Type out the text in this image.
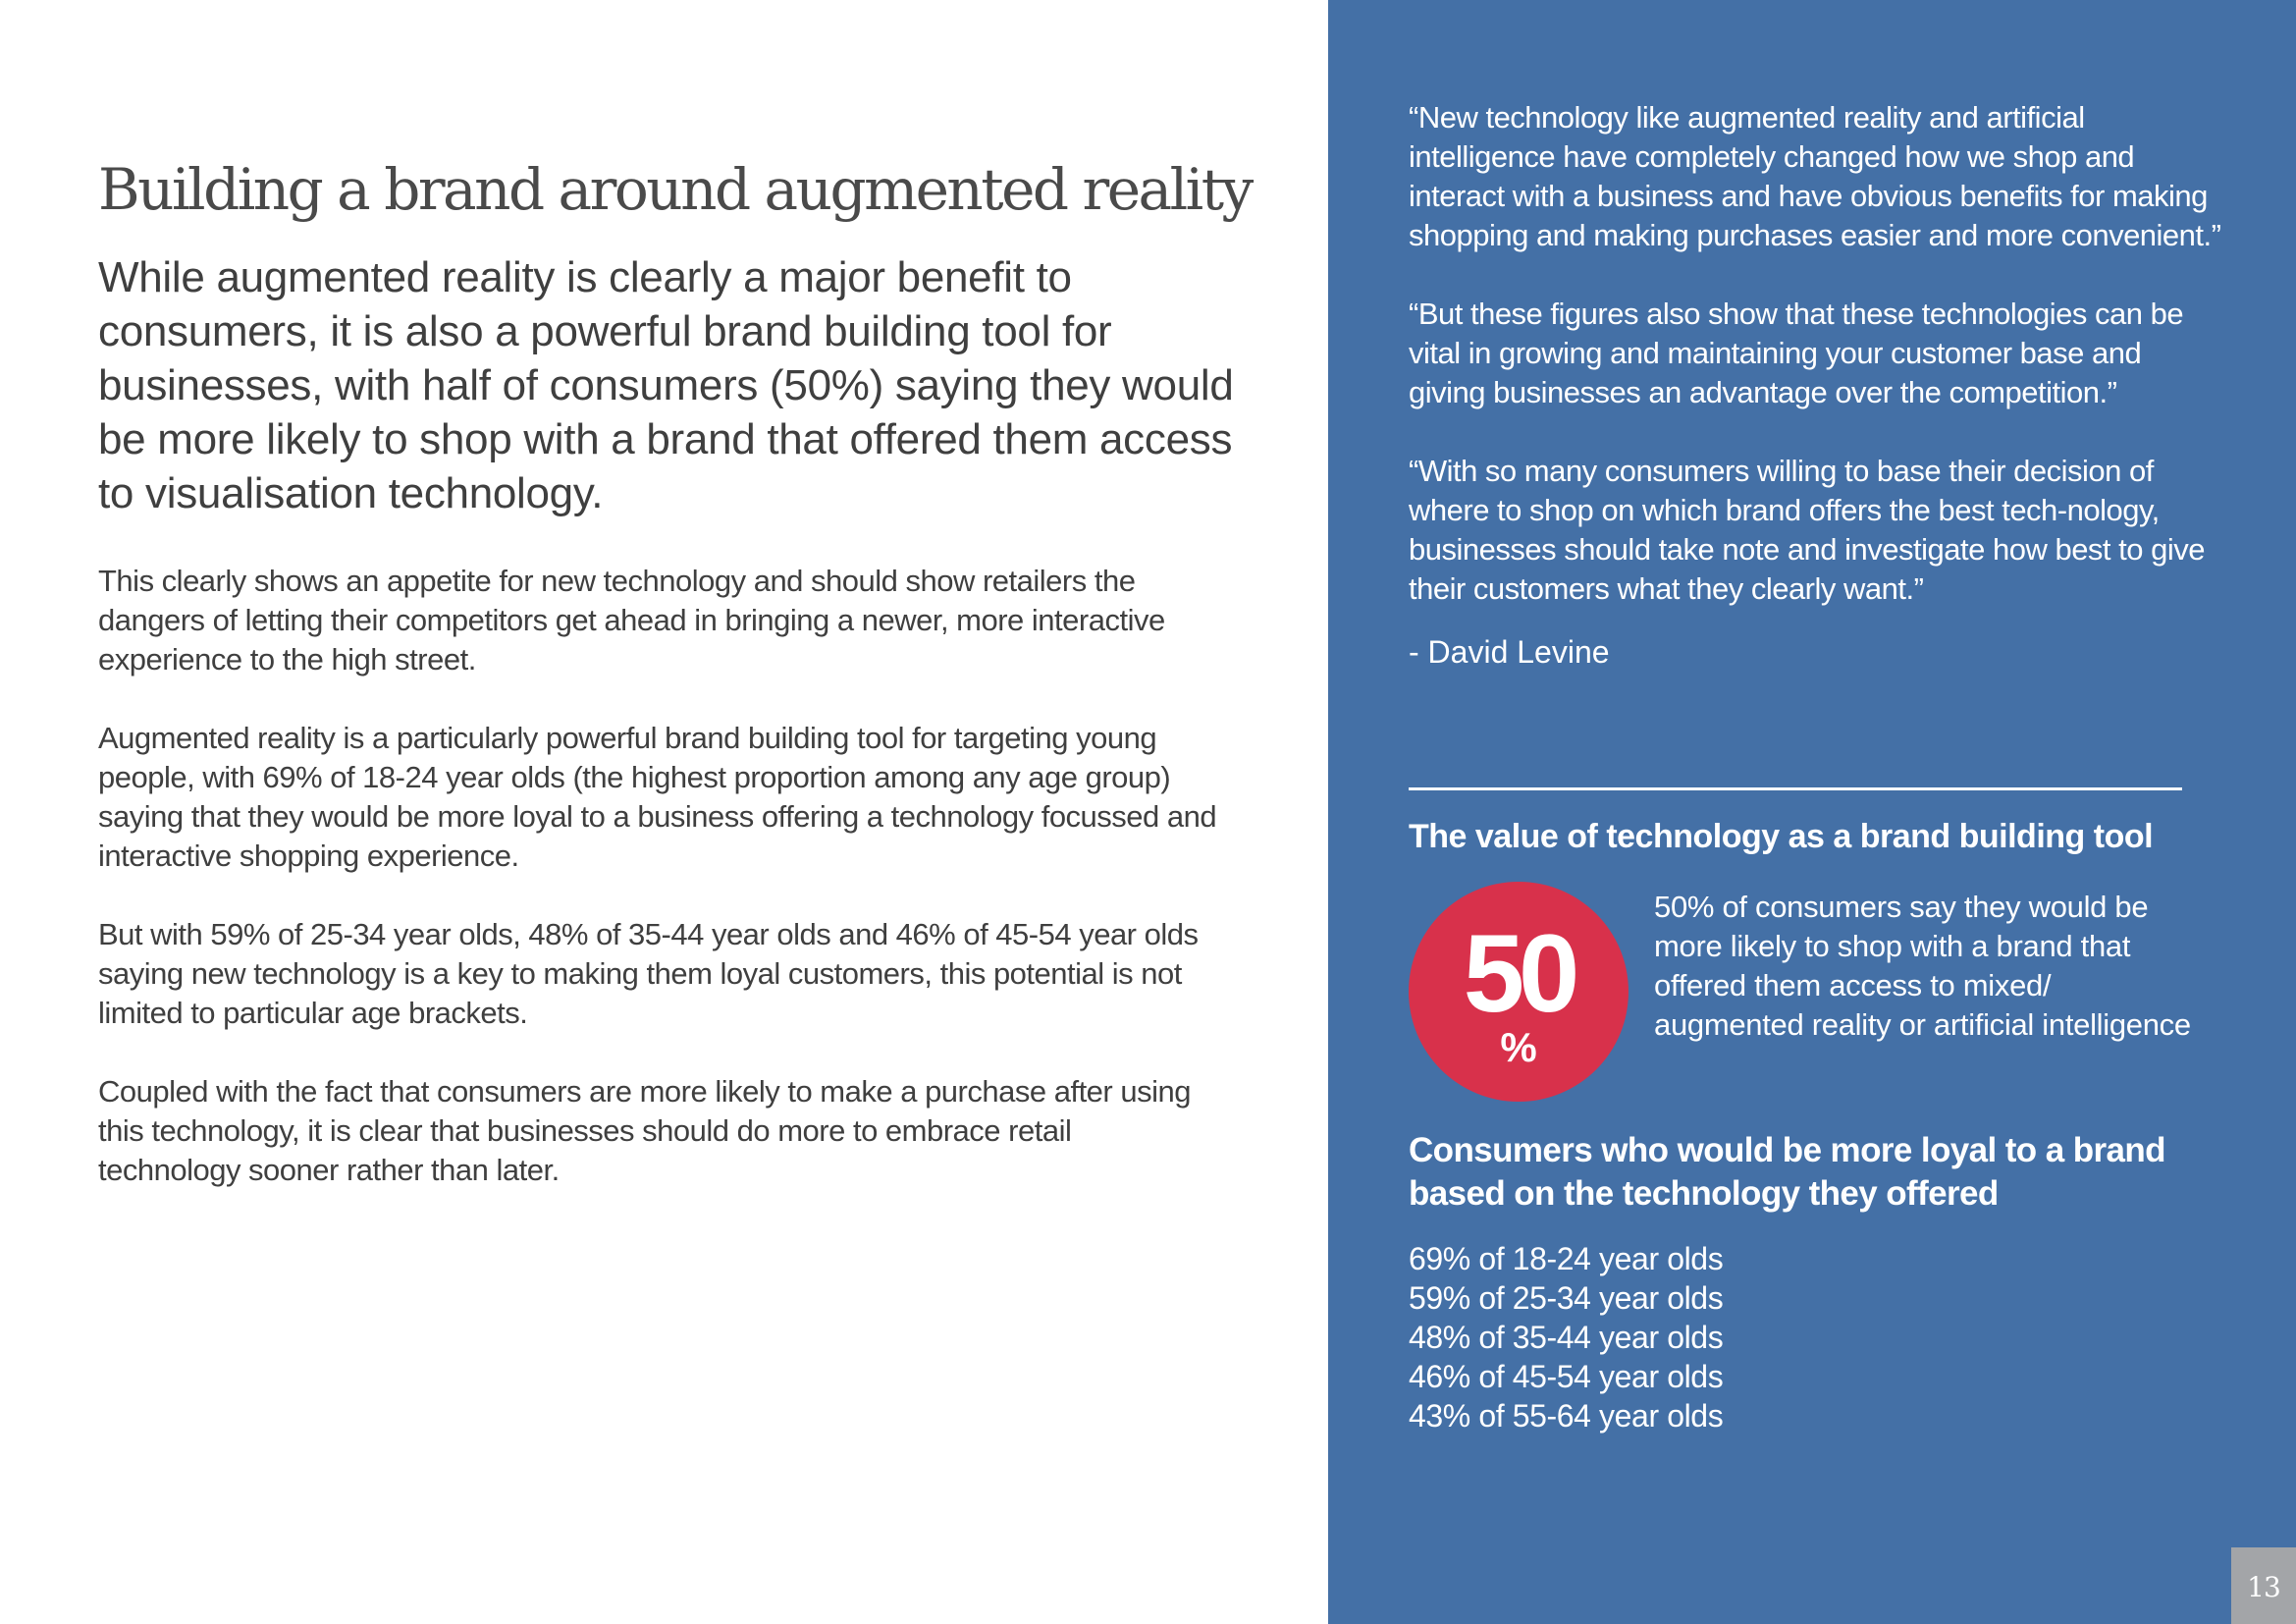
Building a brand around augmented reality

While augmented reality is clearly a major benefit to consumers, it is also a powerful brand building tool for businesses, with half of consumers (50%) saying they would be more likely to shop with a brand that offered them access to visualisation technology.

This clearly shows an appetite for new technology and should show retailers the dangers of letting their competitors get ahead in bringing a newer, more interactive experience to the high street.

Augmented reality is a particularly powerful brand building tool for targeting young people, with 69% of 18-24 year olds (the highest proportion among any age group) saying that they would be more loyal to a business offering a technology focussed and interactive shopping experience.

But with 59% of 25-34 year olds, 48% of 35-44 year olds and 46% of 45-54 year olds saying new technology is a key to making them loyal customers, this potential is not limited to particular age brackets.

Coupled with the fact that consumers are more likely to make a purchase after using this technology, it is clear that businesses should do more to embrace retail technology sooner rather than later.

“New technology like augmented reality and artificial intelligence have completely changed how we shop and interact with a business and have obvious benefits for making shopping and making purchases easier and more convenient.”

“But these figures also show that these technologies can be vital in growing and maintaining your customer base and giving businesses an advantage over the competition.”

“With so many consumers willing to base their decision of where to shop on which brand offers the best tech-nology, businesses should take note and investigate how best to give their customers what they clearly want.”

- David Levine

The value of technology as a brand building tool
50
%

50% of consumers say they would be more likely to shop with a brand that offered them access to mixed/ augmented reality or artificial intelligence

Consumers who would be more loyal to a brand based on the technology they offered
69% of 18-24 year olds
59% of 25-34 year olds
48% of 35-44 year olds
46% of 45-54 year olds
43% of 55-64 year olds
13
